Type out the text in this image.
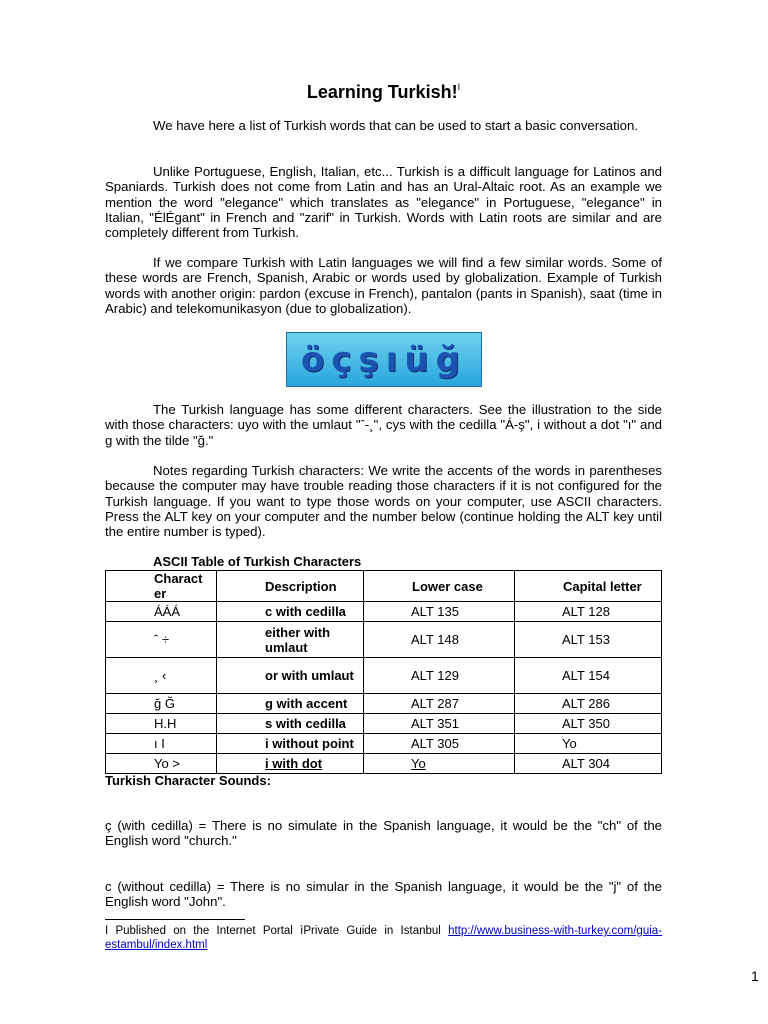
Learning Turkish!$^I$

We have here a list of Turkish words that can be used to start a basic conversation.

Unlike Portuguese, English, Italian, etc... Turkish is a difficult language for Latinos and Spaniards. Turkish does not come from Latin and has an Ural-Altaic root. As an example we mention the word "elegance" which translates as "elegance" in Portuguese, "elegance" in Italian, "ÉlÉgant" in French and "zarif" in Turkish. Words with Latin roots are similar and are completely different from Turkish.

If we compare Turkish with Latin languages we will find a few similar words. Some of these words are French, Spanish, Arabic or words used by globalization. Example of Turkish words with another origin: pardon (excuse in French), pantalon (pants in Spanish), saat (time in Arabic) and telekomunikasyon (due to globalization).

öçşıüğ

The Turkish language has some different characters. See the illustration to the side with those characters: uyo with the umlaut "ˆ-¸", cys with the cedilla "Á-ş", i without a dot "ı" and g with the tilde "ğ."

Notes regarding Turkish characters: We write the accents of the words in parentheses because the computer may have trouble reading those characters if it is not configured for the Turkish language. If you want to type those words on your computer, use ASCII characters. Press the ALT key on your computer and the number below (continue holding the ALT key until the entire number is typed).

ASCII Table of Turkish Characters
Charact er	Description	Lower case	Capital letter
ÁÁÁ	c with cedilla	ALT 135	ALT 128
ˆ ÷	either with umlaut	ALT 148	ALT 153
¸ ‹	or with umlaut	ALT 129	ALT 154
ğ Ğ	g with accent	ALT 287	ALT 286
H.H	s with cedilla	ALT 351	ALT 350
ı I	i without point	ALT 305	Yo
Yo >	i with dot	Yo	ALT 304
Turkish Character Sounds:

ç (with cedilla) = There is no simulate in the Spanish language, it would be the "ch" of the English word "church."

c (without cedilla) = There is no simular in the Spanish language, it would be the "j" of the English word "John".

I Published on the Internet Portal ìPrivate Guide in Istanbul http://www.business-with-turkey.com/guia-estambul/index.html

1
